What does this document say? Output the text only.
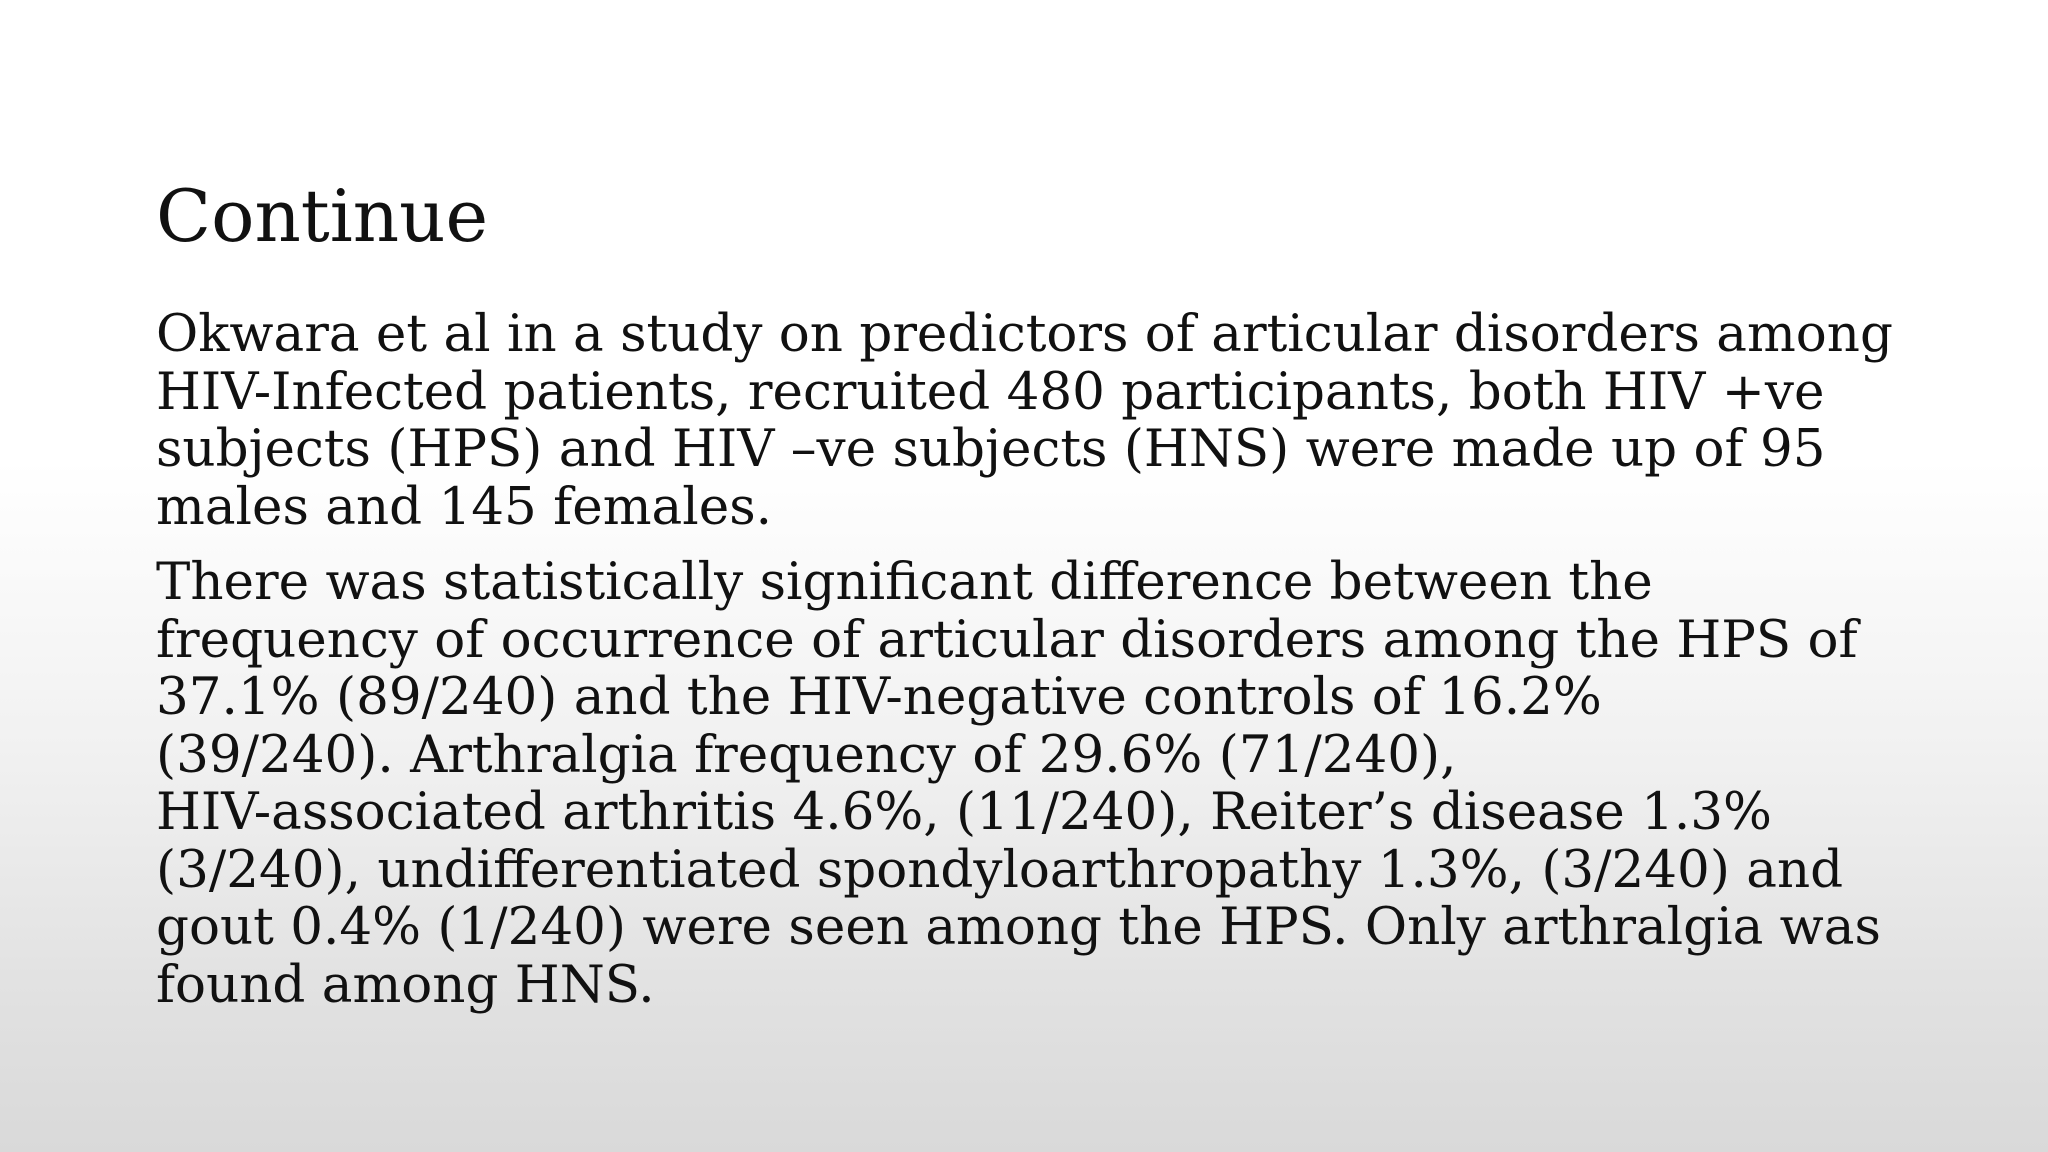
Continue

Okwara et al in a study on predictors of articular disorders among
HIV-Infected patients, recruited 480 participants, both HIV +ve
subjects (HPS) and HIV –ve subjects (HNS) were made up of 95
males and 145 females.

There was statistically significant difference between the
frequency of occurrence of articular disorders among the HPS of
37.1% (89/240) and the HIV-negative controls of 16.2%
(39/240). Arthralgia frequency of 29.6% (71/240),
HIV-associated arthritis 4.6%, (11/240), Reiter’s disease 1.3%
(3/240), undifferentiated spondyloarthropathy 1.3%, (3/240) and
gout 0.4% (1/240) were seen among the HPS. Only arthralgia was
found among HNS.
